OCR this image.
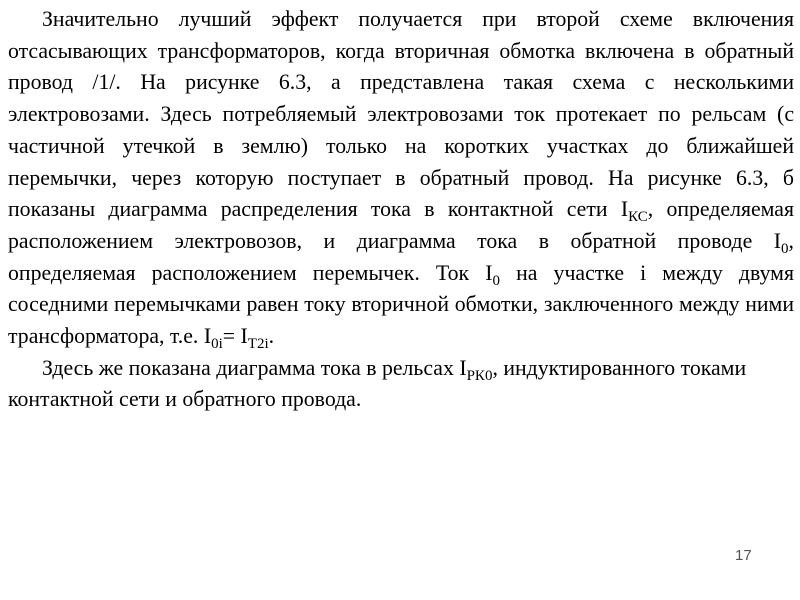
Значительно лучший эффект получается при второй схеме включения отсасывающих трансформаторов, когда вторичная обмотка включена в обратный провод /1/. На рисунке 6.3, а представлена такая схема с несколькими электровозами. Здесь потребляемый электровозами ток протекает по рельсам (с частичной утечкой в землю) только на коротких участках до ближайшей перемычки, через которую поступает в обратный провод. На рисунке 6.3, б показаны диаграмма распределения тока в контактной сети $I_{КС}$, определяемая расположением электровозов, и диаграмма тока в обратной проводе $I_0$, определяемая расположением перемычек. Ток $I_0$ на участке i между двумя соседними перемычками равен току вторичной обмотки, заключенного между ними трансформатора, т.е. $I_{0i}= I_{T2i}$.

Здесь же показана диаграмма тока в рельсах $I_{РК0}$, индуктированного токами контактной сети и обратного провода.

17
